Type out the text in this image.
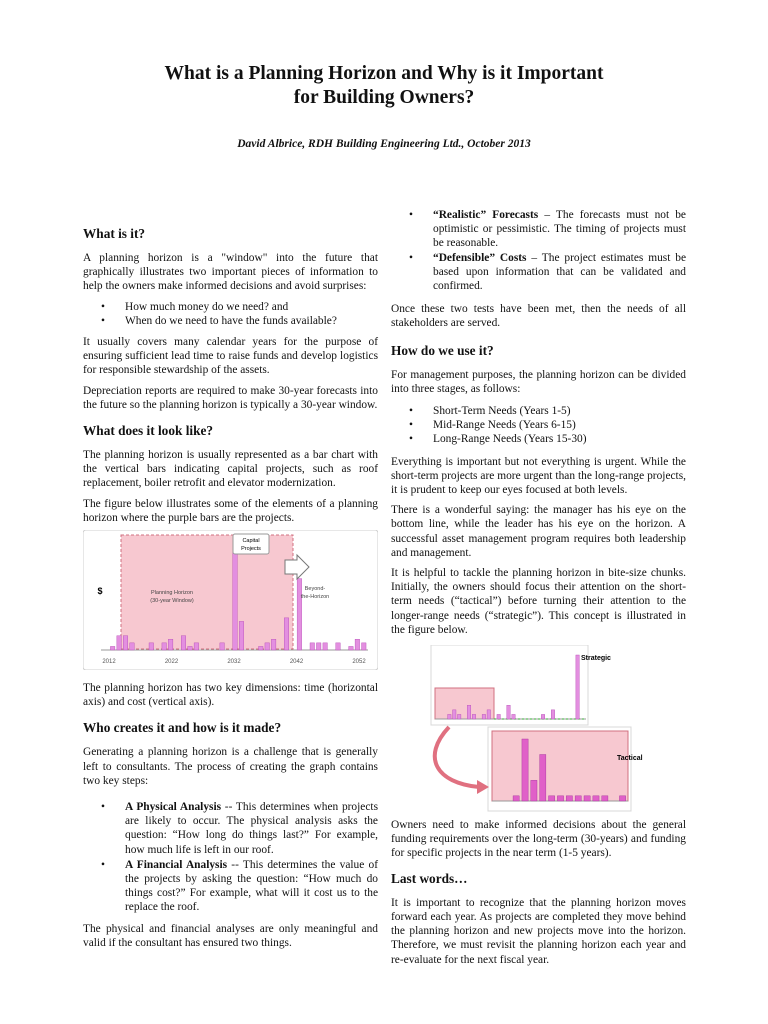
What is a Planning Horizon and Why is it Important
for Building Owners?
David Albrice, RDH Building Engineering Ltd., October 2013
What is it?

A planning horizon is a "window" into the future that graphically illustrates two important pieces of information to help the owners make informed decisions and avoid surprises:

• How much money do we need? and
• When do we need to have the funds available?

It usually covers many calendar years for the purpose of ensuring sufficient lead time to raise funds and develop logistics for responsible stewardship of the assets.

Depreciation reports are required to make 30-year forecasts into the future so the planning horizon is typically a 30-year window.

What does it look like?

The planning horizon is usually represented as a bar chart with the vertical bars indicating capital projects, such as roof replacement, boiler retrofit and elevator modernization.

The figure below illustrates some of the elements of a planning horizon where the purple bars are the projects.

2012	2022	2032	2042	2052
$
Capital Projects
Planning Horizon (30-year Window)
Beyond-the-Horizon

The planning horizon has two key dimensions: time (horizontal axis) and cost (vertical axis).

Who creates it and how is it made?

Generating a planning horizon is a challenge that is generally left to consultants. The process of creating the graph contains two key steps:

• A Physical Analysis -- This determines when projects are likely to occur. The physical analysis asks the question: “How long do things last?” For example, how much life is left in our roof.
• A Financial Analysis -- This determines the value of the projects by asking the question: “How much do things cost?” For example, what will it cost us to the replace the roof.

The physical and financial analyses are only meaningful and valid if the consultant has ensured two things.

• “Realistic” Forecasts – The forecasts must not be optimistic or pessimistic. The timing of projects must be reasonable.
• “Defensible” Costs – The project estimates must be based upon information that can be validated and confirmed.

Once these two tests have been met, then the needs of all stakeholders are served.

How do we use it?

For management purposes, the planning horizon can be divided into three stages, as follows:

• Short-Term Needs (Years 1-5)
• Mid-Range Needs (Years 6-15)
• Long-Range Needs (Years 15-30)

Everything is important but not everything is urgent. While the short-term projects are more urgent than the long-range projects, it is prudent to keep our eyes focused at both levels.

There is a wonderful saying: the manager has his eye on the bottom line, while the leader has his eye on the horizon. A successful asset management program requires both leadership and management.

It is helpful to tackle the planning horizon in bite-size chunks. Initially, the owners should focus their attention on the short-term needs (“tactical”) before turning their attention to the longer-range needs (“strategic”). This concept is illustrated in the figure below.

Strategic
Tactical

Owners need to make informed decisions about the general funding requirements over the long-term (30-years) and funding for specific projects in the near term (1-5 years).

Last words…

It is important to recognize that the planning horizon moves forward each year. As projects are completed they move behind the planning horizon and new projects move into the horizon. Therefore, we must revisit the planning horizon each year and re-evaluate for the next fiscal year.
